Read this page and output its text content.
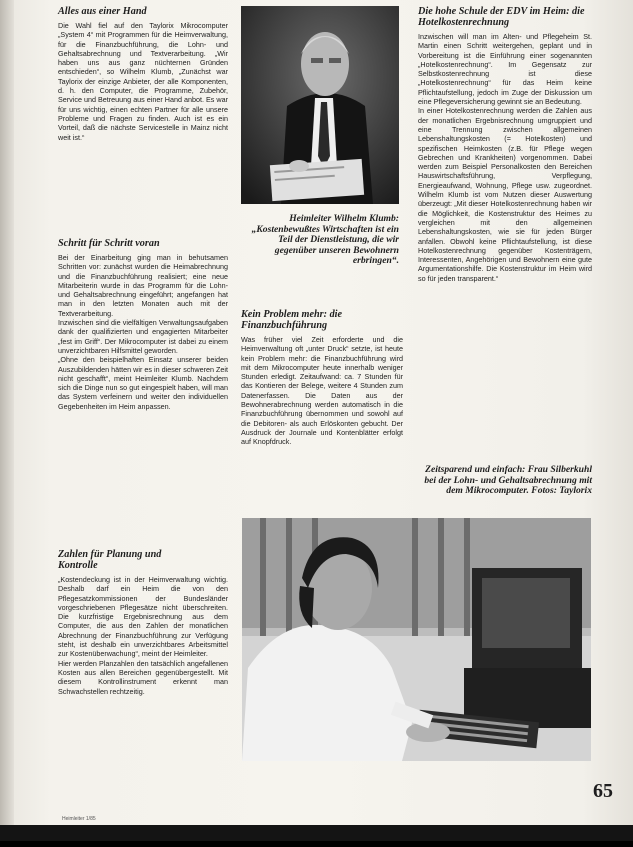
Alles aus einer Hand

Die Wahl fiel auf den Taylorix Mikrocomputer „System 4“ mit Programmen für die Heimverwaltung, für die Finanzbuchführung, die Lohn- und Gehaltsabrechnung und Textverarbeitung. „Wir haben uns aus ganz nüchternen Gründen entschieden“, so Wilhelm Klumb, „Zunächst war Taylorix der einzige Anbieter, der alle Komponenten, d. h. den Computer, die Programme, Zubehör, Service und Betreuung aus einer Hand anbot. Es war für uns wichtig, einen echten Partner für alle unsere Probleme und Fragen zu finden. Auch ist es ein Vorteil, daß die nächste Servicestelle in Mainz nicht weit ist.“

Schritt für Schritt voran

Bei der Einarbeitung ging man in behutsamen Schritten vor: zunächst wurden die Heimabrechnung und die Finanzbuchführung realisiert; eine neue Mitarbeiterin wurde in das Programm für die Lohn- und Gehaltsabrechnung eingeführt; angefangen hat man in den letzten Monaten auch mit der Textverarbeitung.
Inzwischen sind die vielfältigen Verwaltungsaufgaben dank der qualifizierten und engagierten Mitarbeiter „fest im Griff“. Der Mikrocomputer ist dabei zu einem unverzichtbaren Hilfsmittel geworden.
„Ohne den beispielhaften Einsatz unserer beiden Auszubildenden hätten wir es in dieser schweren Zeit nicht geschafft“, meint Heimleiter Klumb. Nachdem sich die Dinge nun so gut eingespielt haben, will man das System verfeinern und weiter den individuellen Gegebenheiten im Heim anpassen.

Zahlen für Planung und Kontrolle

„Kostendeckung ist in der Heimverwaltung wichtig. Deshalb darf ein Heim die von den Pflegesatzkommissionen der Bundesländer vorgeschriebenen Pflegesätze nicht überschreiten. Die kurzfristige Ergebnisrechnung aus dem Computer, die aus den Zahlen der monatlichen Abrechnung der Finanzbuchführung zur Verfügung steht, ist deshalb ein unverzichtbares Arbeitsmittel zur Kostenüberwachung“, meint der Heimleiter.
Hier werden Planzahlen den tatsächlich angefallenen Kosten aus allen Bereichen gegenübergestellt. Mit diesem Kontrollinstrument erkennt man Schwachstellen rechtzeitig.

Heimleiter Wilhelm Klumb: „Kostenbewußtes Wirtschaften ist ein Teil der Dienstleistung, die wir gegenüber unseren Bewohnern erbringen“.
Kein Problem mehr: die Finanzbuchführung

Was früher viel Zeit erforderte und die Heimverwaltung oft „unter Druck“ setzte, ist heute kein Problem mehr: die Finanzbuchführung wird mit dem Mikrocomputer heute innerhalb weniger Stunden erledigt. Zeitaufwand: ca. 7 Stunden für das Kontieren der Belege, weitere 4 Stunden zum Datenerfassen. Die Daten aus der Bewohnerabrechnung werden automatisch in die Finanzbuchführung übernommen und sowohl auf die Debitoren- als auch Erlöskonten gebucht. Der Ausdruck der Journale und Kontenblätter erfolgt auf Knopfdruck.

Die hohe Schule der EDV im Heim: die Hotelkostenrechnung

Inzwischen will man im Alten- und Pflegeheim St. Martin einen Schritt weitergehen, geplant und in Vorbereitung ist die Einführung einer sogenannten „Hotelkostenrechnung“. Im Gegensatz zur Selbstkostenrechnung ist diese „Hotelkostenrechnung“ für das Heim keine Pflichtaufstellung, jedoch im Zuge der Diskussion um eine Pflegeversicherung gewinnt sie an Bedeutung.
In einer Hotelkostenrechnung werden die Zahlen aus der monatlichen Ergebnisrechnung umgruppiert und eine Trennung zwischen allgemeinen Lebenshaltungskosten (= Hotelkosten) und spezifischen Heimkosten (z.B. für Pflege wegen Gebrechen und Krankheiten) vorgenommen. Dabei werden zum Beispiel Personalkosten den Bereichen Hauswirtschaftsführung, Verpflegung, Energieaufwand, Wohnung, Pflege usw. zugeordnet. Wilhelm Klumb ist vom Nutzen dieser Auswertung überzeugt: „Mit dieser Hotelkostenrechnung haben wir die Möglichkeit, die Kostenstruktur des Heimes zu vergleichen mit den allgemeinen Lebenshaltungskosten, wie sie für jeden Bürger anfallen. Obwohl keine Pflichtaufstellung, ist diese Hotelkostenrechnung gegenüber Kostenträgern, Interessenten, Angehörigen und Bewohnern eine gute Argumentationshilfe. Die Kostenstruktur im Heim wird so für jeden transparent.“

Zeitsparend und einfach: Frau Silberkuhl bei der Lohn- und Gehaltsabrechnung mit dem Mikrocomputer. Fotos: Taylorix
65
Heimleiter 1/85
